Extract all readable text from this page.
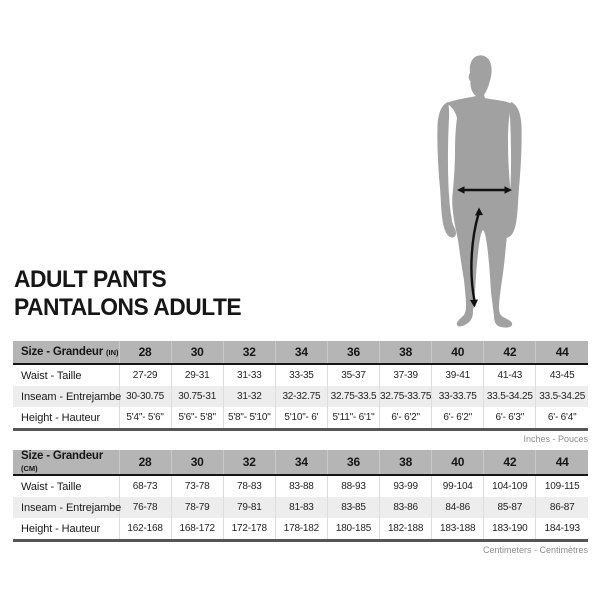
ADULT PANTS
PANTALONS ADULTE
Size - Grandeur (IN)	28	30	32	34	36	38	40	42	44
Waist - Taille	27-29	29-31	31-33	33-35	35-37	37-39	39-41	41-43	43-45
Inseam - Entrejambe	30-30.75	30.75-31	31-32	32-32.75	32.75-33.5	32.75-33.75	33-33.75	33.5-34.25	33.5-34.25
Height - Hauteur	5'4"- 5'6"	5'6"- 5'8"	5'8"- 5'10"	5'10"- 6'	5'11"- 6'1"	6'- 6'2"	6'- 6'2"	6'- 6'3"	6'- 6'4"
Inches - Pouces
Size - Grandeur (CM)	28	30	32	34	36	38	40	42	44
Waist - Taille	68-73	73-78	78-83	83-88	88-93	93-99	99-104	104-109	109-115
Inseam - Entrejambe	76-78	78-79	79-81	81-83	83-85	83-86	84-86	85-87	86-87
Height - Hauteur	162-168	168-172	172-178	178-182	180-185	182-188	183-188	183-190	184-193
Centimeters - Centimètres
